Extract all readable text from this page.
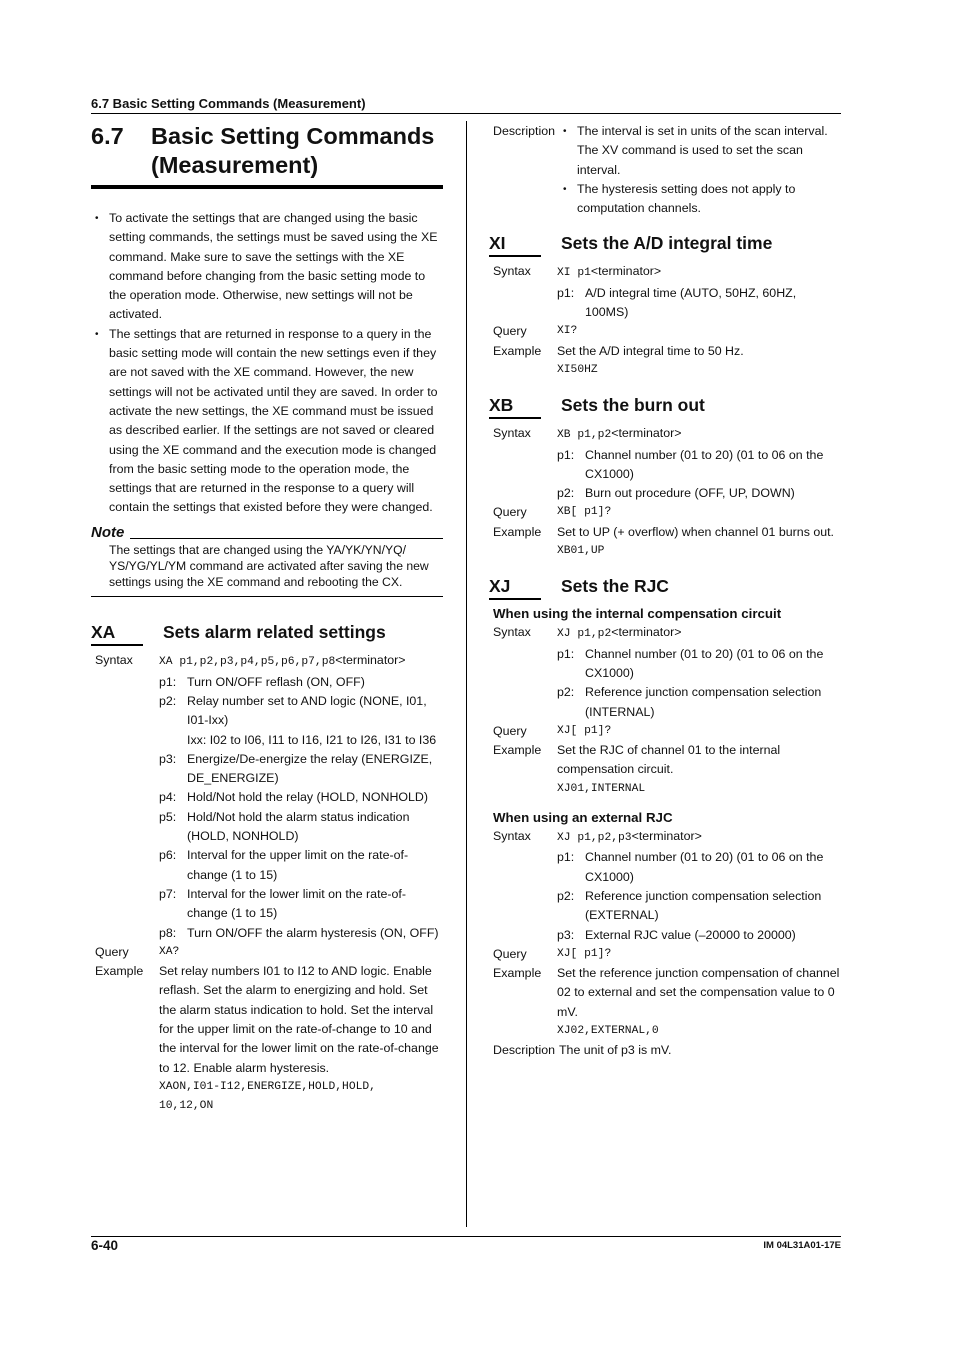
6.7 Basic Setting Commands (Measurement)
6.7	Basic Setting Commands
(Measurement)
• To activate the settings that are changed using the basic setting commands, the settings must be saved using the XE command. Make sure to save the settings with the XE command before changing from the basic setting mode to the operation mode. Otherwise, new settings will not be activated.
• The settings that are returned in response to a query in the basic setting mode will contain the new settings even if they are not saved with the XE command. However, the new settings will not be activated until they are saved. In order to activate the new settings, the XE command must be issued as described earlier. If the settings are not saved or cleared using the XE command and the execution mode is changed from the basic setting mode to the operation mode, the settings that are returned in the response to a query will contain the settings that existed before they were changed.
Note
The settings that are changed using the YA/YK/YN/YQ/ YS/YG/YL/YM command are activated after saving the new settings using the XE command and rebooting the CX.
XA	Sets alarm related settings
Syntax	XA p1,p2,p3,p4,p5,p6,p7,p8<terminator>
p1: Turn ON/OFF reflash (ON, OFF)
p2: Relay number set to AND logic (NONE, I01, I01-Ixx)
Ixx: I02 to I06, I11 to I16, I21 to I26, I31 to I36
p3: Energize/De-energize the relay (ENERGIZE, DE_ENERGIZE)
p4: Hold/Not hold the relay (HOLD, NONHOLD)
p5: Hold/Not hold the alarm status indication (HOLD, NONHOLD)
p6: Interval for the upper limit on the rate-of-change (1 to 15)
p7: Interval for the lower limit on the rate-of-change (1 to 15)
p8: Turn ON/OFF the alarm hysteresis (ON, OFF)
Query	XA?
Example	Set relay numbers I01 to I12 to AND logic. Enable reflash. Set the alarm to energizing and hold. Set the alarm status indication to hold. Set the interval for the upper limit on the rate-of-change to 10 and the interval for the lower limit on the rate-of-change to 12. Enable alarm hysteresis.
XAON,I01-I12,ENERGIZE,HOLD,HOLD,
10,12,ON
Description
•	The interval is set in units of the scan interval. The XV command is used to set the scan interval.
• The hysteresis setting does not apply to computation channels.
XI	Sets the A/D integral time
Syntax	XI p1<terminator>
p1: A/D integral time (AUTO, 50HZ, 60HZ, 100MS)
Query	XI?
Example	Set the A/D integral time to 50 Hz.
XI50HZ
XB	Sets the burn out
Syntax	XB p1,p2<terminator>
p1: Channel number (01 to 20) (01 to 06 on the CX1000)
p2: Burn out procedure (OFF, UP, DOWN)
Query	XB[ p1]?
Example	Set to UP (+ overflow) when channel 01 burns out.
XB01,UP
XJ	Sets the RJC
When using the internal compensation circuit
Syntax	XJ p1,p2<terminator>
p1: Channel number (01 to 20) (01 to 06 on the CX1000)
p2: Reference junction compensation selection (INTERNAL)
Query	XJ[ p1]?
Example	Set the RJC of channel 01 to the internal compensation circuit.
XJ01,INTERNAL
When using an external RJC
Syntax	XJ p1,p2,p3<terminator>
p1: Channel number (01 to 20) (01 to 06 on the CX1000)
p2: Reference junction compensation selection (EXTERNAL)
p3: External RJC value (–20000 to 20000)
Query	XJ[ p1]?
Example	Set the reference junction compensation of channel 02 to external and set the compensation value to 0 mV.
XJ02,EXTERNAL,0
Description The unit of p3 is mV.
6-40	IM 04L31A01-17E
